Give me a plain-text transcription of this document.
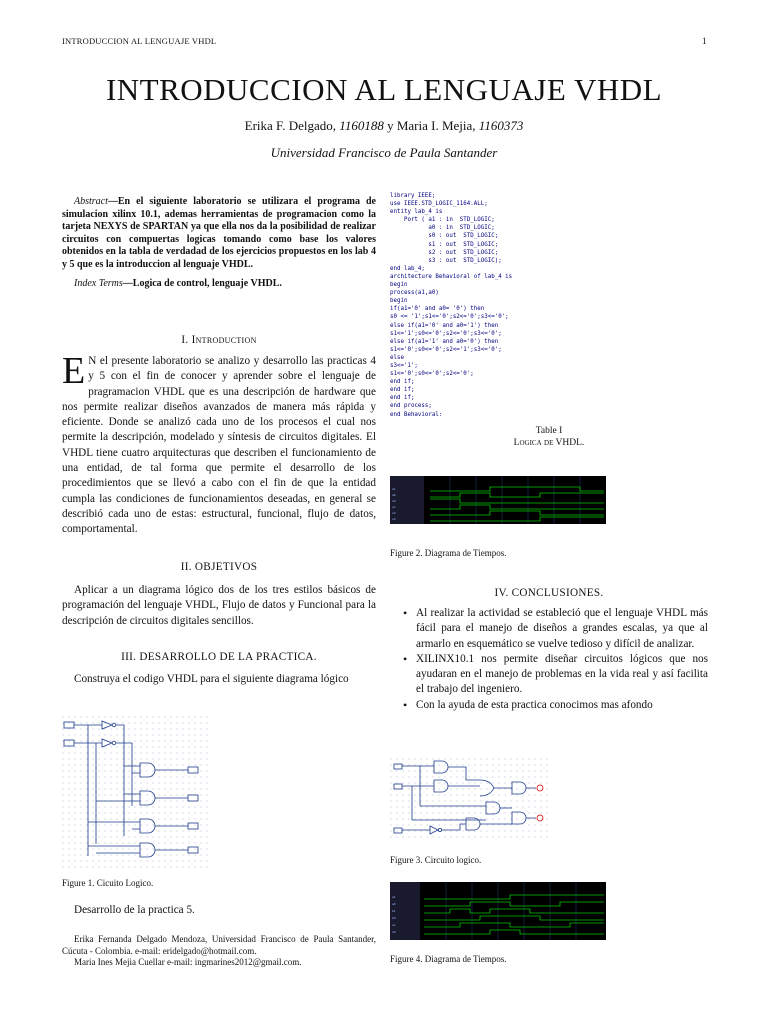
INTRODUCCION AL LENGUAJE VHDL	1
INTRODUCCION AL LENGUAJE VHDL
Erika F. Delgado, 1160188 y Maria I. Mejia, 1160373
Universidad Francisco de Paula Santander

Abstract—En el siguiente laboratorio se utilizara el programa de simulacion xilinx 10.1, ademas herramientas de programacion como la tarjeta NEXYS de SPARTAN ya que ella nos da la posibilidad de realizar circuitos con compuertas logicas tomando como base los valores obtenidos en la tabla de verdadad de los ejercicios propuestos en los lab 4 y 5 que es la introduccion al lenguaje VHDL.

Index Terms—Logica de control, lenguaje VHDL.

I. Introduction

E N el presente laboratorio se analizo y desarrollo las practicas 4 y 5 con el fin de conocer y aprender sobre el lenguaje de pragramacion VHDL que es una descripción de hardware que nos permite realizar diseños avanzados de manera más rápida y eficiente. Donde se analizó cada uno de los procesos el cual nos permite la descripción, modelado y síntesis de circuitos digitales. El VHDL tiene cuatro arquitecturas que describen el funcionamiento de una entidad, de tal forma que permite el desarrollo de los procedimientos que se llevó a cabo con el fin de que la entidad cumpla las condiciones de funcionamientos deseadas, en general se describió cada uno de estas: estructural, funcional, flujo de datos, comportamental.

II. OBJETIVOS

Aplicar a un diagrama lógico dos de los tres estilos básicos de programación del lenguaje VHDL, Flujo de datos y Funcional para la descripción de circuitos digitales sencillos.

III. DESARROLLO DE LA PRACTICA.

Construya el codigo VHDL para el siguiente diagrama lógico

Figure 1. Cicuito Logico.
Desarrollo de la practica 5.

Erika Fernanda Delgado Mendoza, Universidad Francisco de Paula Santander, Cúcuta - Colombia. e-mail: eridelgado@hotmail.com.

Maria Ines Mejia Cuellar e-mail: ingmarines2012@gmail.com.

library IEEE;
use IEEE.STD_LOGIC_1164.ALL;
entity lab_4 is
Port ( a1 : in  STD_LOGIC;
a0 : in  STD_LOGIC;
s0 : out  STD_LOGIC;
s1 : out  STD_LOGIC;
s2 : out  STD_LOGIC;
s3 : out  STD_LOGIC);
end lab_4;
architecture Behavioral of lab_4 is
begin
process(a1,a0)
begin
if(a1='0' and a0= '0') then
s0 <= '1';s1<='0';s2<='0';s3<='0';
else if(a1='0' and a0='1') then
s1<='1';s0<='0';s2<='0';s3<='0';
else if(a1='1' and a0='0') then
s1<='0';s0<='0';s2<='1';s3<='0';
else
s3<='1';
s1<='0';s0<='0';s2<='0';
end if;
end if;
end if;
end process;
end Behavioral;
Table I
Logica de VHDL.
a1
a0
s0
s1
s2
s3
Figure 2. Diagrama de Tiempos.
IV. CONCLUSIONES.
• Al realizar la actividad se estableció que el lenguaje VHDL más fácil para el manejo de diseños a grandes escalas, ya que al armarlo en esquemático se vuelve tedioso y difícil de analizar.
• XILINX10.1 nos permite diseñar circuitos lógicos que nos ayudaran en el manejo de problemas en la vida real y así facilita el trabajo del ingeniero.
• Con la ayuda de esta practica conocimos mas afondo
Figure 3. Circuito logico.
a1
a0
b1
b0
s1
s0
Figure 4. Diagrama de Tiempos.
